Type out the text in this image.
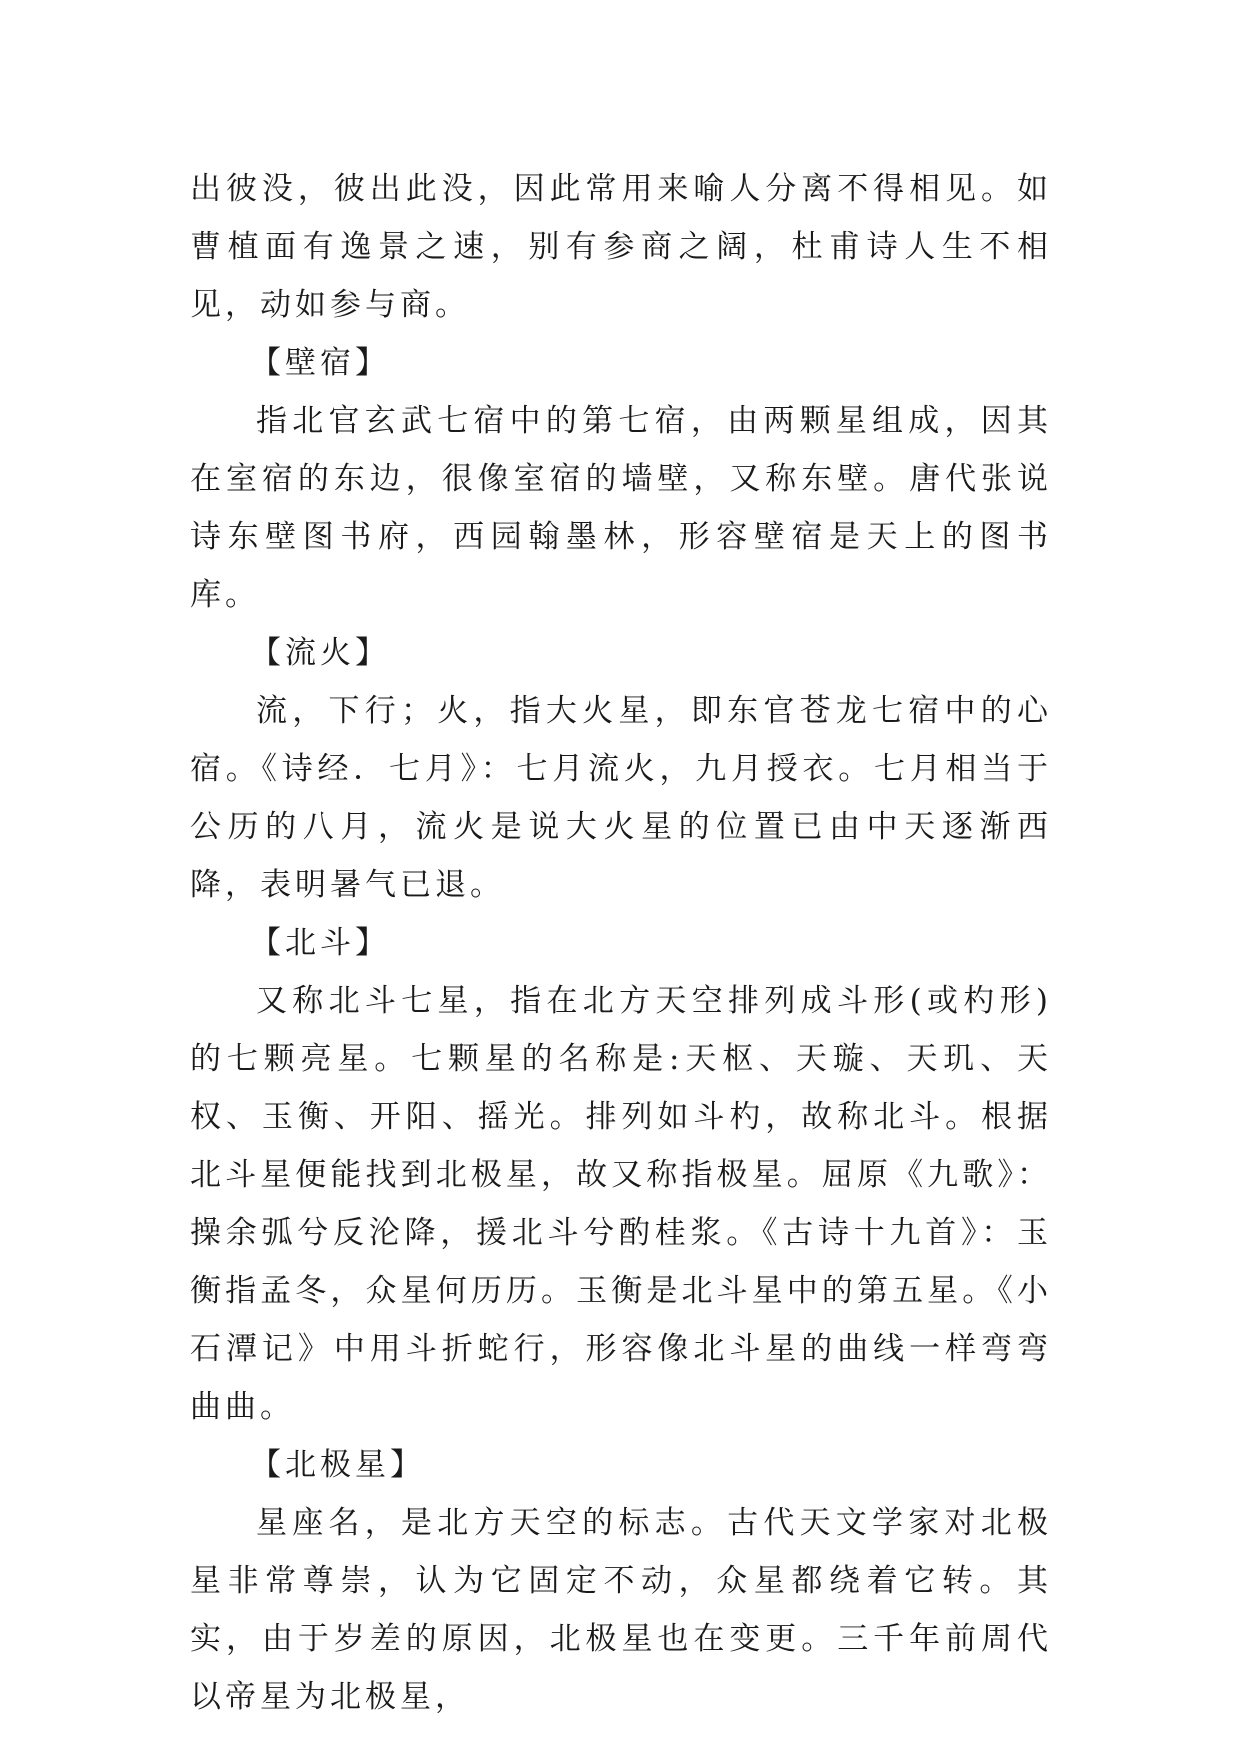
出彼没，彼出此没，因此常用来喻人分离不得相见。如曹植面有逸景之速，别有参商之阔，杜甫诗人生不相见，动如参与商。

【壁宿】

指北官玄武七宿中的第七宿，由两颗星组成，因其在室宿的东边，很像室宿的墙壁，又称东壁。唐代张说诗东壁图书府，西园翰墨林，形容壁宿是天上的图书库。

【流火】

流，下行；火，指大火星，即东官苍龙七宿中的心宿。《诗经．七月》：七月流火，九月授衣。七月相当于公历的八月，流火是说大火星的位置已由中天逐渐西降，表明暑气已退。

【北斗】

又称北斗七星，指在北方天空排列成斗形(或杓形)的七颗亮星。七颗星的名称是:天枢、天璇、天玑、天权、玉衡、开阳、摇光。排列如斗杓，故称北斗。根据北斗星便能找到北极星，故又称指极星。屈原《九歌》：操余弧兮反沦降，援北斗兮酌桂浆。《古诗十九首》：玉衡指孟冬，众星何历历。玉衡是北斗星中的第五星。《小石潭记》中用斗折蛇行，形容像北斗星的曲线一样弯弯曲曲。

【北极星】

星座名，是北方天空的标志。古代天文学家对北极星非常尊崇，认为它固定不动，众星都绕着它转。其实，由于岁差的原因，北极星也在变更。三千年前周代以帝星为北极星，
